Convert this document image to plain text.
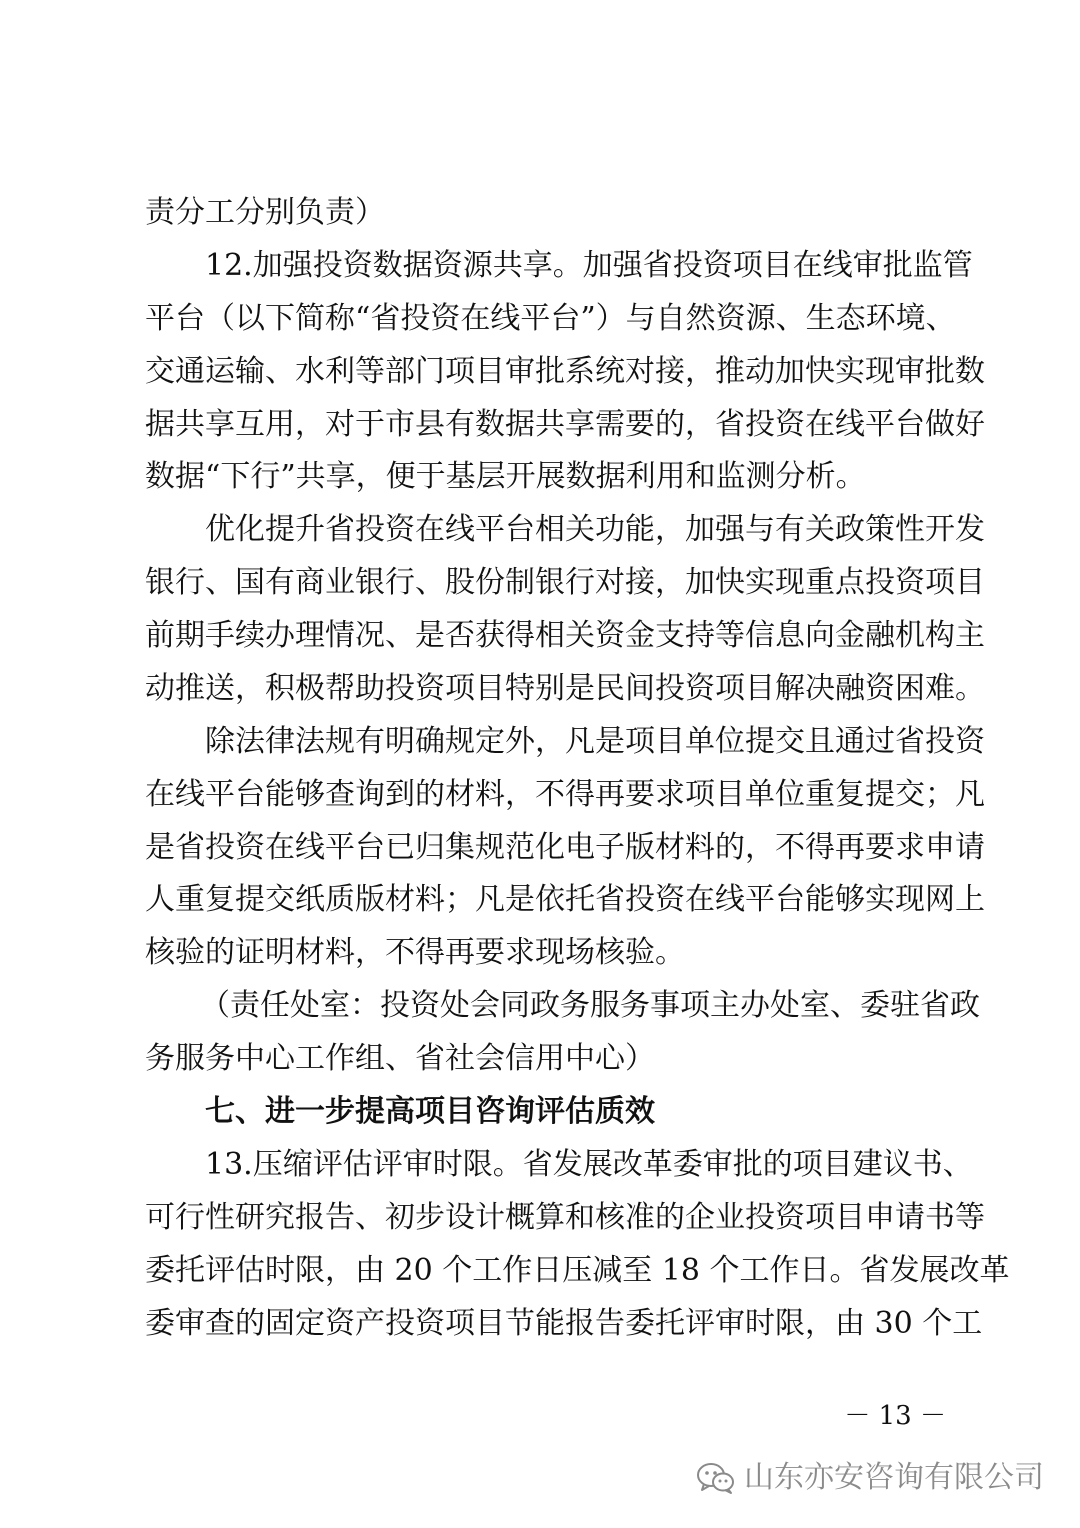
责分工分别负责）
12.加强投资数据资源共享。加强省投资项目在线审批监管
平台（以下简称“省投资在线平台”）与自然资源、生态环境、
交通运输、水利等部门项目审批系统对接，推动加快实现审批数
据共享互用，对于市县有数据共享需要的，省投资在线平台做好
数据“下行”共享，便于基层开展数据利用和监测分析。
优化提升省投资在线平台相关功能，加强与有关政策性开发
银行、国有商业银行、股份制银行对接，加快实现重点投资项目
前期手续办理情况、是否获得相关资金支持等信息向金融机构主
动推送，积极帮助投资项目特别是民间投资项目解决融资困难。
除法律法规有明确规定外，凡是项目单位提交且通过省投资
在线平台能够查询到的材料，不得再要求项目单位重复提交；凡
是省投资在线平台已归集规范化电子版材料的，不得再要求申请
人重复提交纸质版材料；凡是依托省投资在线平台能够实现网上
核验的证明材料，不得再要求现场核验。
（责任处室：投资处会同政务服务事项主办处室、委驻省政
务服务中心工作组、省社会信用中心）
七、进一步提高项目咨询评估质效
13.压缩评估评审时限。省发展改革委审批的项目建议书、
可行性研究报告、初步设计概算和核准的企业投资项目申请书等
委托评估时限，由 20 个工作日压减至 18 个工作日。省发展改革
委审查的固定资产投资项目节能报告委托评审时限，由 30 个工
－ 13 －
山东亦安咨询有限公司
